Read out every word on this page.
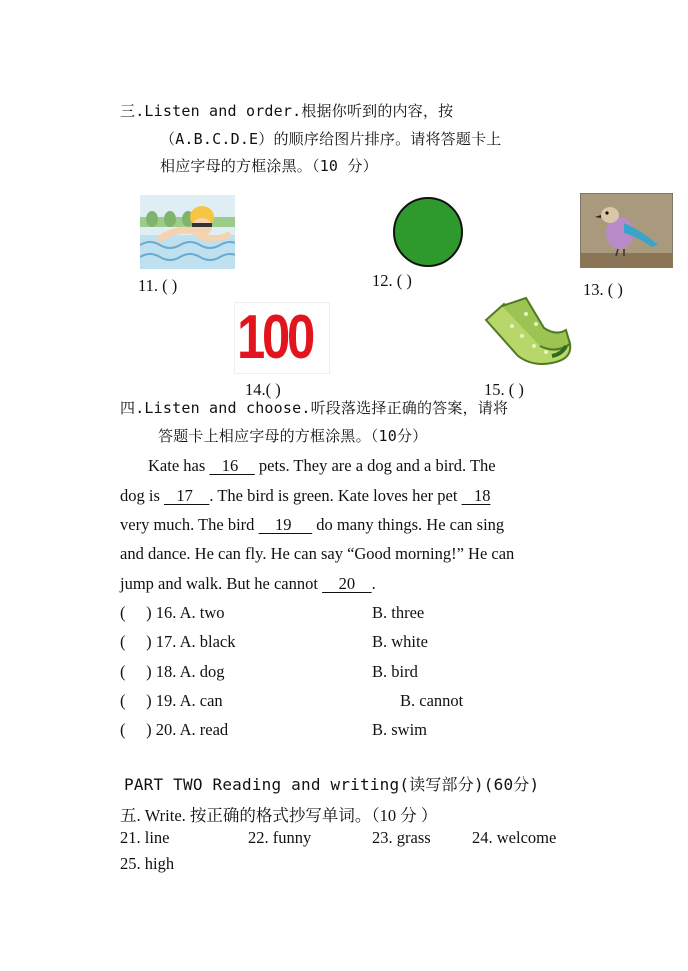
三.Listen and order.根据你听到的内容，按
（A.B.C.D.E）的顺序给图片排序。请将答题卡上
相应字母的方框涂黑。（10 分）
11. ( )	12. ( )	13. ( )
100
14.( )	15. ( )
四.Listen and choose.听段落选择正确的答案，请将
答题卡上相应字母的方框涂黑。（10分）
Kate has    16     pets. They are a dog and a bird. The
dog is    17    . The bird is green. Kate loves her pet    18
very much. The bird     19      do many things. He can sing
and dance. He can fly. He can say “Good morning!” He can
jump and walk. But he cannot     20    .
(     ) 16. A. two	B. three
(     ) 17. A. black	B. white
(     ) 18. A. dog	B. bird
(     ) 19. A. can	B. cannot
(     ) 20. A. read	B. swim
PART TWO Reading and writing(读写部分)(60分)
五. Write. 按正确的格式抄写单词。（10 分 ）
21. line	22. funny	23. grass	24. welcome
25. high
